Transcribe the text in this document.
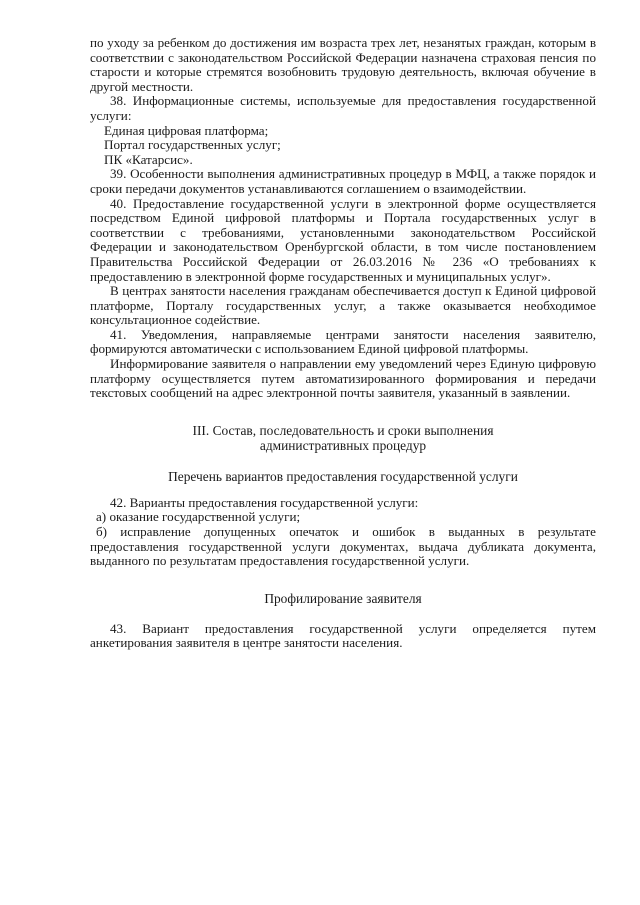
по уходу за ребенком до достижения им возраста трех лет, незанятых граждан, которым в соответствии с законодательством Российской Федерации назначена страховая пенсия по старости и которые стремятся возобновить трудовую деятельность, включая обучение в другой местности.

38. Информационные системы, используемые для предоставления государственной услуги:

Единая цифровая платформа;

Портал государственных услуг;

ПК «Катарсис».

39. Особенности выполнения административных процедур в МФЦ, а также порядок и сроки передачи документов устанавливаются соглашением о взаимодействии.

40. Предоставление государственной услуги в электронной форме осуществляется посредством Единой цифровой платформы и Портала государственных услуг в соответствии с требованиями, установленными законодательством Российской Федерации и законодательством Оренбургской области, в том числе постановлением Правительства Российской Федерации от 26.03.2016 № 236 «О требованиях к предоставлению в электронной форме государственных и муниципальных услуг».

В центрах занятости населения гражданам обеспечивается доступ к Единой цифровой платформе, Порталу государственных услуг, а также оказывается необходимое консультационное содействие.

41. Уведомления, направляемые центрами занятости населения заявителю, формируются автоматически с использованием Единой цифровой платформы.

Информирование заявителя о направлении ему уведомлений через Единую цифровую платформу осуществляется путем автоматизированного формирования и передачи текстовых сообщений на адрес электронной почты заявителя, указанный в заявлении.

III. Состав, последовательность и сроки выполнения

административных процедур

Перечень вариантов предоставления государственной услуги

42. Варианты предоставления государственной услуги:

а) оказание государственной услуги;

б) исправление допущенных опечаток и ошибок в выданных в результате предоставления государственной услуги документах, выдача дубликата документа, выданного по результатам предоставления государственной услуги.

Профилирование заявителя

43. Вариант предоставления государственной услуги определяется путем анкетирования заявителя в центре занятости населения.
